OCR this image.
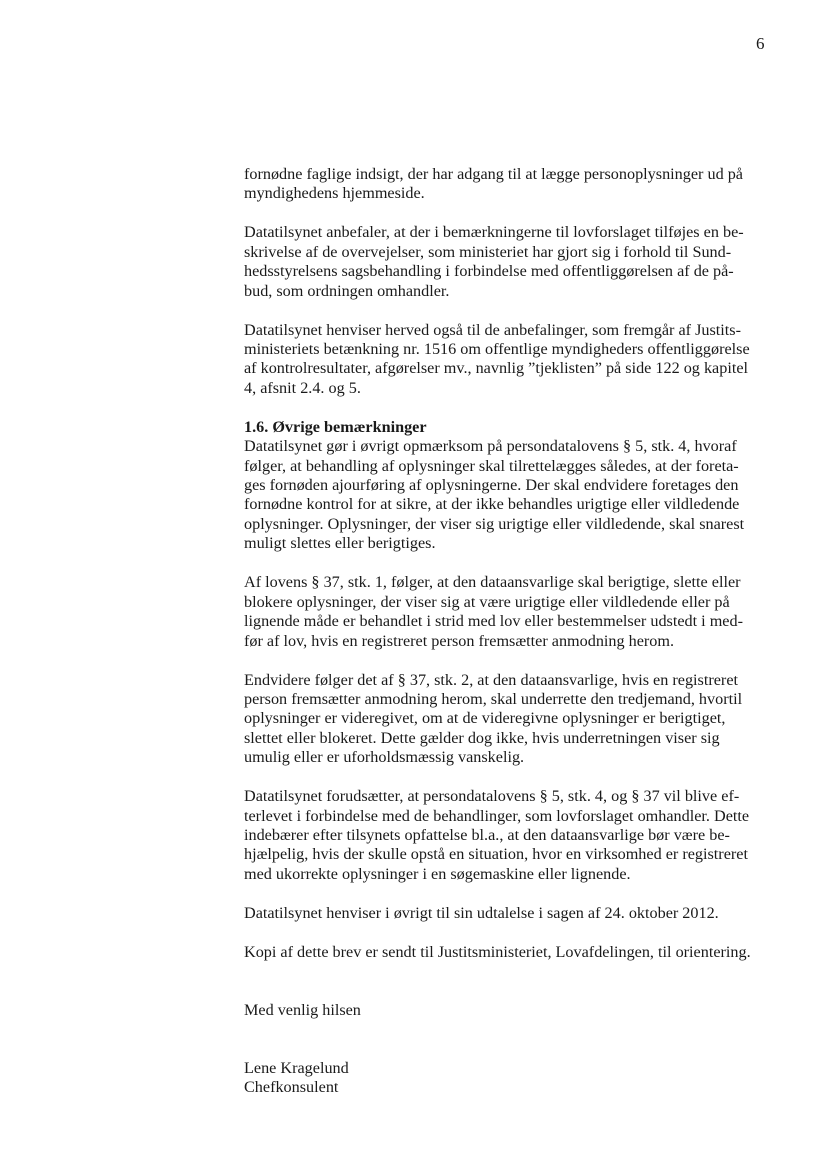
6

fornødne faglige indsigt, der har adgang til at lægge personoplysninger ud på

myndighedens hjemmeside.

Datatilsynet anbefaler, at der i bemærkningerne til lovforslaget tilføjes en be-

skrivelse af de overvejelser, som ministeriet har gjort sig i forhold til Sund-

hedsstyrelsens sagsbehandling i forbindelse med offentliggørelsen af de på-

bud, som ordningen omhandler.

Datatilsynet henviser herved også til de anbefalinger, som fremgår af Justits-

ministeriets betænkning nr. 1516 om offentlige myndigheders offentliggørelse

af kontrolresultater, afgørelser mv., navnlig ”tjeklisten” på side 122 og kapitel

4, afsnit 2.4. og 5.

1.6. Øvrige bemærkninger

Datatilsynet gør i øvrigt opmærksom på persondatalovens § 5, stk. 4, hvoraf

følger, at behandling af oplysninger skal tilrettelægges således, at der foreta-

ges fornøden ajourføring af oplysningerne. Der skal endvidere foretages den

fornødne kontrol for at sikre, at der ikke behandles urigtige eller vildledende

oplysninger. Oplysninger, der viser sig urigtige eller vildledende, skal snarest

muligt slettes eller berigtiges.

Af lovens § 37, stk. 1, følger, at den dataansvarlige skal berigtige, slette eller

blokere oplysninger, der viser sig at være urigtige eller vildledende eller på

lignende måde er behandlet i strid med lov eller bestemmelser udstedt i med-

før af lov, hvis en registreret person fremsætter anmodning herom.

Endvidere følger det af § 37, stk. 2, at den dataansvarlige, hvis en registreret

person fremsætter anmodning herom, skal underrette den tredjemand, hvortil

oplysninger er videregivet, om at de videregivne oplysninger er berigtiget,

slettet eller blokeret. Dette gælder dog ikke, hvis underretningen viser sig

umulig eller er uforholdsmæssig vanskelig.

Datatilsynet forudsætter, at persondatalovens § 5, stk. 4, og § 37 vil blive ef-

terlevet i forbindelse med de behandlinger, som lovforslaget omhandler. Dette

indebærer efter tilsynets opfattelse bl.a., at den dataansvarlige bør være be-

hjælpelig, hvis der skulle opstå en situation, hvor en virksomhed er registreret

med ukorrekte oplysninger i en søgemaskine eller lignende.

Datatilsynet henviser i øvrigt til sin udtalelse i sagen af 24. oktober 2012.

Kopi af dette brev er sendt til Justitsministeriet, Lovafdelingen, til orientering.

Med venlig hilsen

Lene Kragelund

Chefkonsulent
